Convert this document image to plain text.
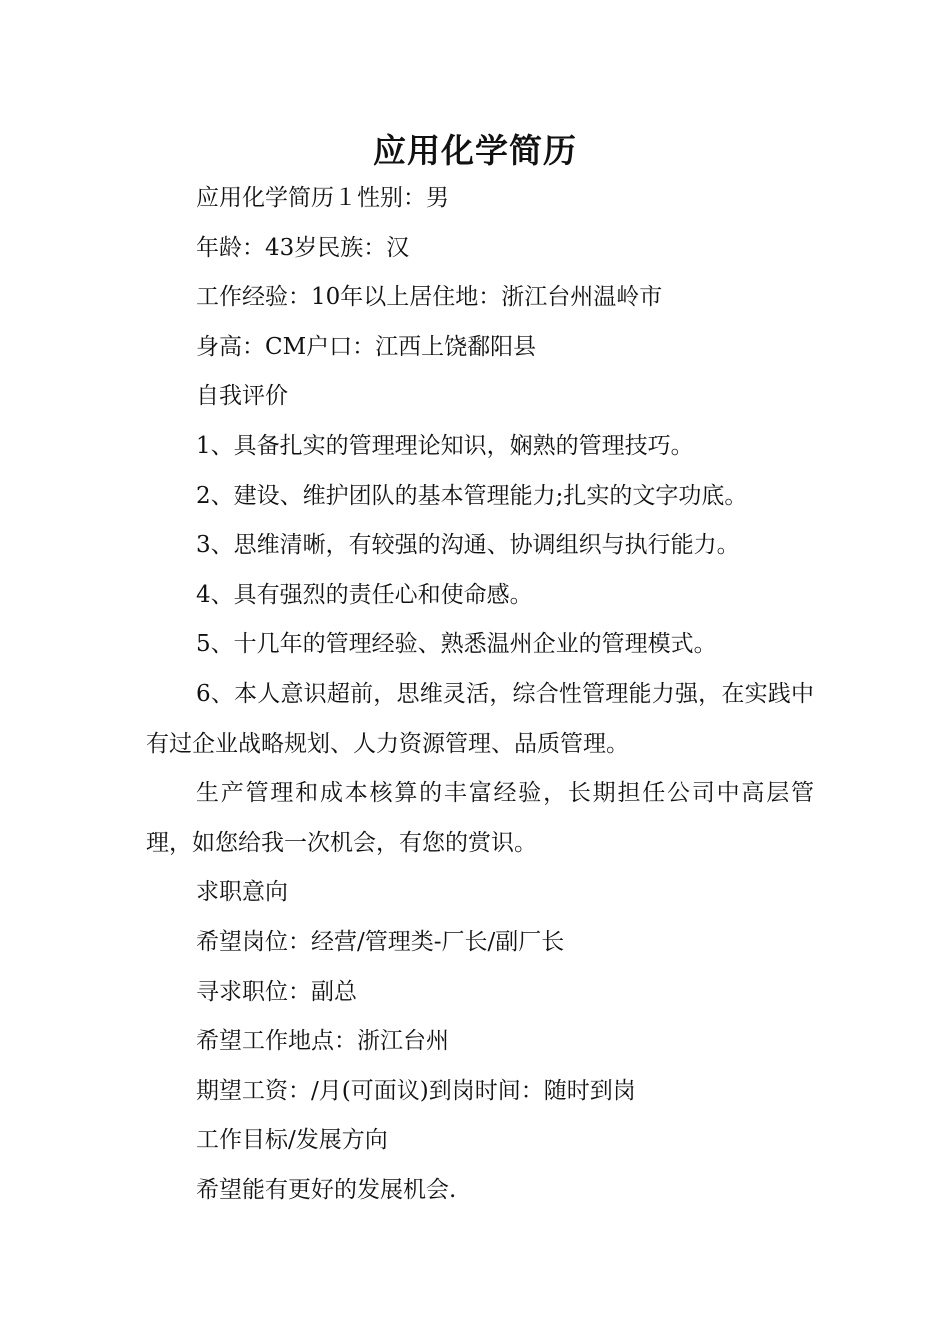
应用化学简历

应用化学简历１性别：男

年龄：43岁民族：汉

工作经验：10年以上居住地：浙江台州温岭市

身高：CM户口：江西上饶鄱阳县

自我评价

1、具备扎实的管理理论知识，娴熟的管理技巧。

2、建设、维护团队的基本管理能力;扎实的文字功底。

3、思维清晰，有较强的沟通、协调组织与执行能力。

4、具有强烈的责任心和使命感。

5、十几年的管理经验、熟悉温州企业的管理模式。

6、本人意识超前，思维灵活，综合性管理能力强，在实践中有过企业战略规划、人力资源管理、品质管理。

生产管理和成本核算的丰富经验，长期担任公司中高层管理，如您给我一次机会，有您的赏识。

求职意向

希望岗位：经营/管理类-厂长/副厂长

寻求职位：副总

希望工作地点：浙江台州

期望工资：/月(可面议)到岗时间：随时到岗

工作目标/发展方向

希望能有更好的发展机会.
